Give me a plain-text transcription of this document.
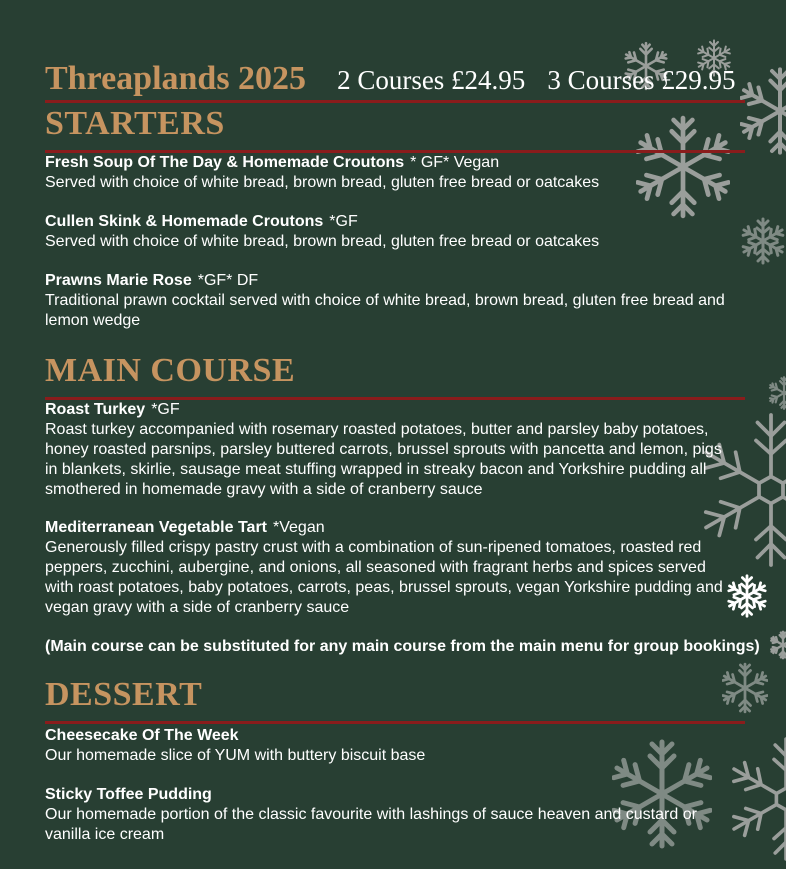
Threaplands 2025 2 Courses £24.95 3 Courses £29.95
STARTERS
Fresh Soup Of The Day & Homemade Croutons * GF* Vegan
Served with choice of white bread, brown bread, gluten free bread or oatcakes
Cullen Skink & Homemade Croutons *GF
Served with choice of white bread, brown bread, gluten free bread or oatcakes
Prawns Marie Rose *GF* DF
Traditional prawn cocktail served with choice of white bread, brown bread, gluten free bread and lemon wedge
MAIN COURSE
Roast Turkey *GF
Roast turkey accompanied with rosemary roasted potatoes, butter and parsley baby potatoes, honey roasted parsnips, parsley buttered carrots, brussel sprouts with pancetta and lemon, pigs in blankets, skirlie, sausage meat stuffing wrapped in streaky bacon and Yorkshire pudding all smothered in homemade gravy with a side of cranberry sauce
Mediterranean Vegetable Tart *Vegan
Generously filled crispy pastry crust with a combination of sun-ripened tomatoes, roasted red peppers, zucchini, aubergine, and onions, all seasoned with fragrant herbs and spices served with roast potatoes, baby potatoes, carrots, peas, brussel sprouts, vegan Yorkshire pudding and vegan gravy with a side of cranberry sauce
(Main course can be substituted for any main course from the main menu for group bookings)
DESSERT
Cheesecake Of The Week
Our homemade slice of YUM with buttery biscuit base
Sticky Toffee Pudding
Our homemade portion of the classic favourite with lashings of sauce heaven and custard or vanilla ice cream
